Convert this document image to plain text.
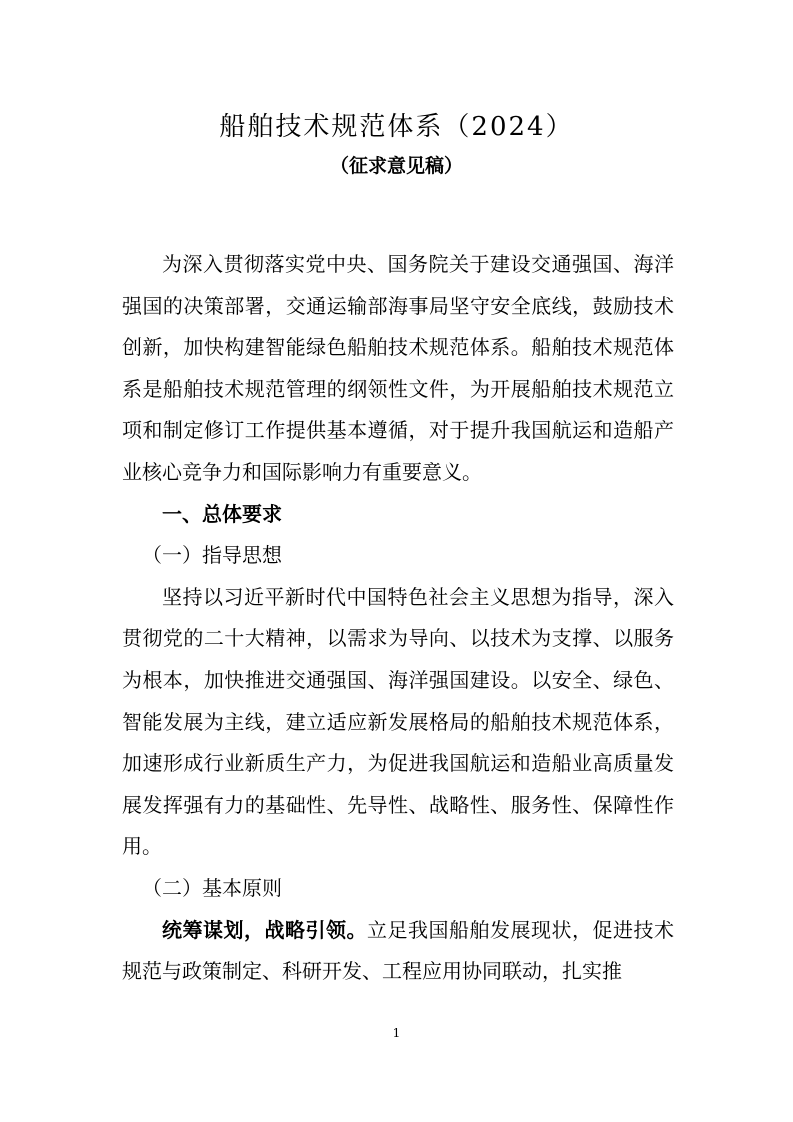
船舶技术规范体系（2024）
（征求意见稿）

为深入贯彻落实党中央、国务院关于建设交通强国、海洋强国的决策部署，交通运输部海事局坚守安全底线，鼓励技术创新，加快构建智能绿色船舶技术规范体系。船舶技术规范体系是船舶技术规范管理的纲领性文件，为开展船舶技术规范立项和制定修订工作提供基本遵循，对于提升我国航运和造船产业核心竞争力和国际影响力有重要意义。

一、总体要求

（一）指导思想

坚持以习近平新时代中国特色社会主义思想为指导，深入贯彻党的二十大精神，以需求为导向、以技术为支撑、以服务为根本，加快推进交通强国、海洋强国建设。以安全、绿色、智能发展为主线，建立适应新发展格局的船舶技术规范体系，加速形成行业新质生产力，为促进我国航运和造船业高质量发展发挥强有力的基础性、先导性、战略性、服务性、保障性作用。

（二）基本原则

统筹谋划，战略引领。立足我国船舶发展现状，促进技术规范与政策制定、科研开发、工程应用协同联动，扎实推

1
